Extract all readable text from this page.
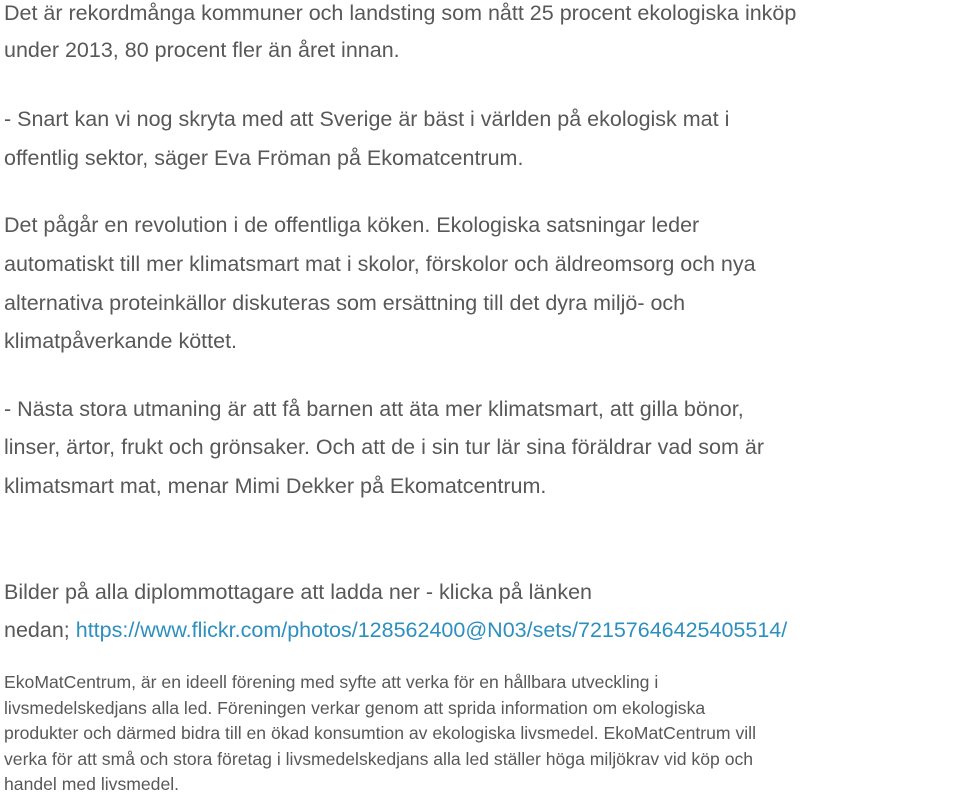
Det är rekordmånga kommuner och landsting som nått 25 procent ekologiska inköp
under 2013, 80 procent fler än året innan.
- Snart kan vi nog skryta med att Sverige är bäst i världen på ekologisk mat i
offentlig sektor, säger Eva Fröman på Ekomatcentrum.
Det pågår en revolution i de offentliga köken. Ekologiska satsningar leder
automatiskt till mer klimatsmart mat i skolor, förskolor och äldreomsorg och nya
alternativa proteinkällor diskuteras som ersättning till det dyra miljö- och
klimatpåverkande köttet.
- Nästa stora utmaning är att få barnen att äta mer klimatsmart, att gilla bönor,
linser, ärtor, frukt och grönsaker. Och att de i sin tur lär sina föräldrar vad som är
klimatsmart mat, menar Mimi Dekker på Ekomatcentrum.
Bilder på alla diplommottagare att ladda ner - klicka på länken
nedan; https://www.flickr.com/photos/128562400@N03/sets/72157646425405514/
EkoMatCentrum, är en ideell förening med syfte att verka för en hållbara utveckling i
livsmedelskedjans alla led. Föreningen verkar genom att sprida information om ekologiska
produkter och därmed bidra till en ökad konsumtion av ekologiska livsmedel. EkoMatCentrum vill
verka för att små och stora företag i livsmedelskedjans alla led ställer höga miljökrav vid köp och
handel med livsmedel.
